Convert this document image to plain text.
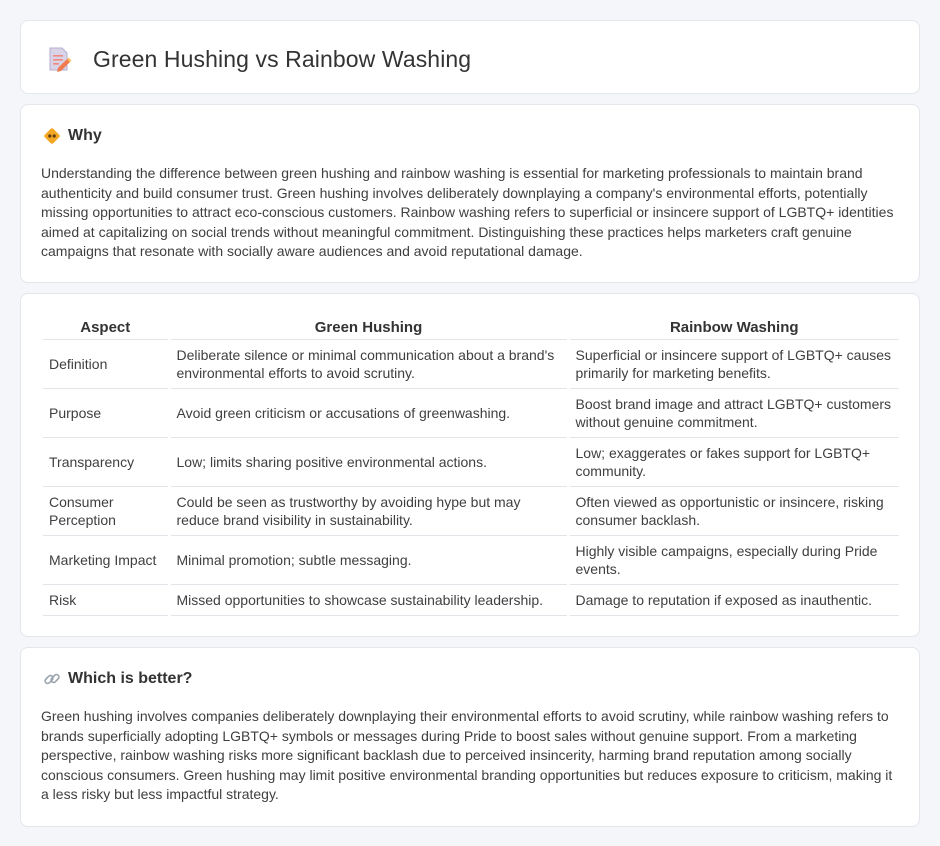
Green Hushing vs Rainbow Washing
Why

Understanding the difference between green hushing and rainbow washing is essential for marketing professionals to maintain brand authenticity and build consumer trust. Green hushing involves deliberately downplaying a company's environmental efforts, potentially missing opportunities to attract eco-conscious customers. Rainbow washing refers to superficial or insincere support of LGBTQ+ identities aimed at capitalizing on social trends without meaningful commitment. Distinguishing these practices helps marketers craft genuine campaigns that resonate with socially aware audiences and avoid reputational damage.

Aspect	Green Hushing	Rainbow Washing
Definition	Deliberate silence or minimal communication about a brand's environmental efforts to avoid scrutiny.	Superficial or insincere support of LGBTQ+ causes primarily for marketing benefits.
Purpose	Avoid green criticism or accusations of greenwashing.	Boost brand image and attract LGBTQ+ customers without genuine commitment.
Transparency	Low; limits sharing positive environmental actions.	Low; exaggerates or fakes support for LGBTQ+ community.
Consumer Perception	Could be seen as trustworthy by avoiding hype but may reduce brand visibility in sustainability.	Often viewed as opportunistic or insincere, risking consumer backlash.
Marketing Impact	Minimal promotion; subtle messaging.	Highly visible campaigns, especially during Pride events.
Risk	Missed opportunities to showcase sustainability leadership.	Damage to reputation if exposed as inauthentic.
Which is better?

Green hushing involves companies deliberately downplaying their environmental efforts to avoid scrutiny, while rainbow washing refers to brands superficially adopting LGBTQ+ symbols or messages during Pride to boost sales without genuine support. From a marketing perspective, rainbow washing risks more significant backlash due to perceived insincerity, harming brand reputation among socially conscious consumers. Green hushing may limit positive environmental branding opportunities but reduces exposure to criticism, making it a less risky but less impactful strategy.
